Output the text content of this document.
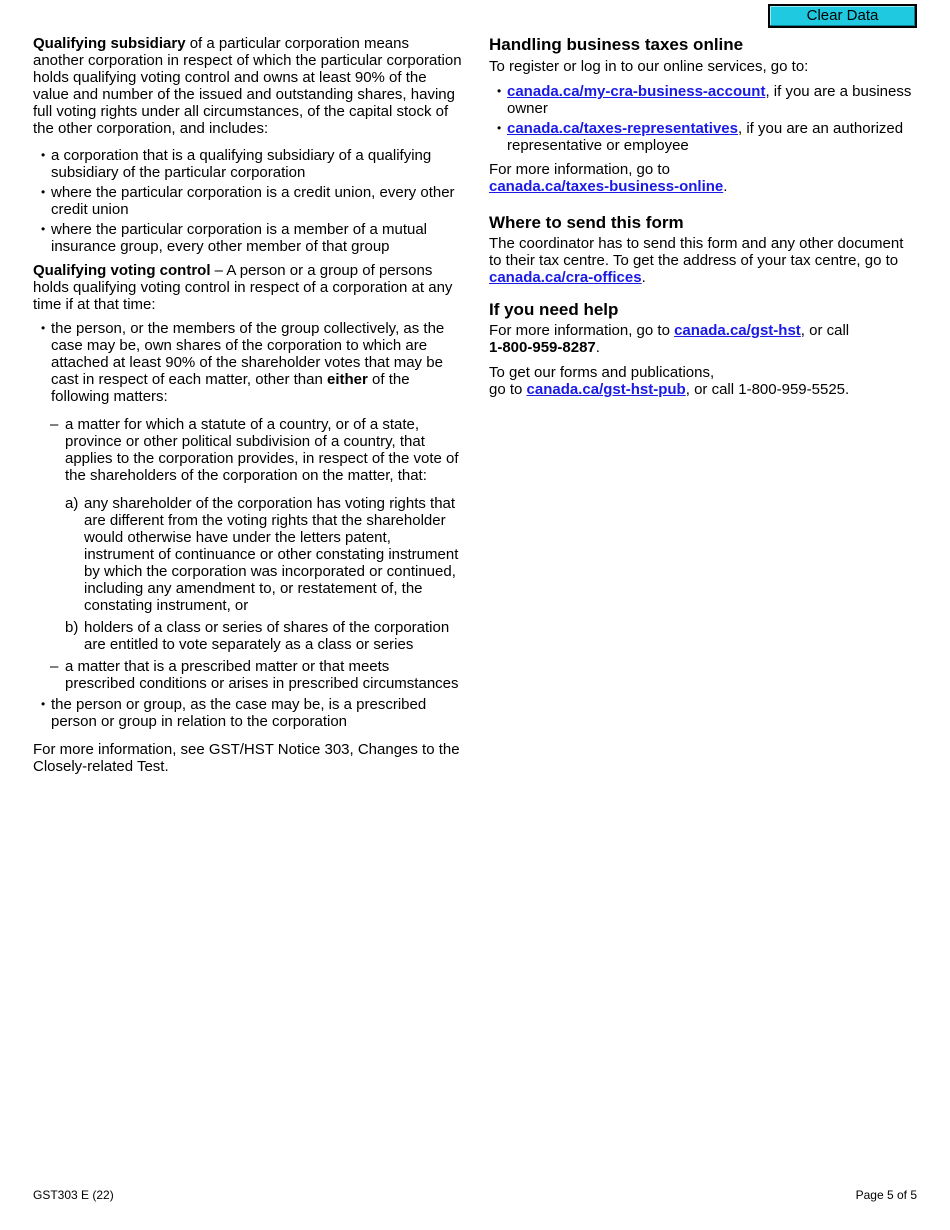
Clear Data

Qualifying subsidiary of a particular corporation means another corporation in respect of which the particular corporation holds qualifying voting control and owns at least 90% of the value and number of the issued and outstanding shares, having full voting rights under all circumstances, of the capital stock of the other corporation, and includes:

• a corporation that is a qualifying subsidiary of a qualifying subsidiary of the particular corporation
• where the particular corporation is a credit union, every other credit union
• where the particular corporation is a member of a mutual insurance group, every other member of that group

Qualifying voting control – A person or a group of persons holds qualifying voting control in respect of a corporation at any time if at that time:

• the person, or the members of the group collectively, as the case may be, own shares of the corporation to which are attached at least 90% of the shareholder votes that may be cast in respect of each matter, other than either of the following matters:
– a matter for which a statute of a country, or of a state, province or other political subdivision of a country, that applies to the corporation provides, in respect of the vote of the shareholders of the corporation on the matter, that:
a) any shareholder of the corporation has voting rights that are different from the voting rights that the shareholder would otherwise have under the letters patent, instrument of continuance or other constating instrument by which the corporation was incorporated or continued, including any amendment to, or restatement of, the constating instrument, or
b) holders of a class or series of shares of the corporation are entitled to vote separately as a class or series
– a matter that is a prescribed matter or that meets prescribed conditions or arises in prescribed circumstances
• the person or group, as the case may be, is a prescribed person or group in relation to the corporation

For more information, see GST/HST Notice 303, Changes to the Closely-related Test.

Handling business taxes online

To register or log in to our online services, go to:

• canada.ca/my-cra-business-account, if you are a business owner
• canada.ca/taxes-representatives, if you are an authorized representative or employee

For more information, go to
canada.ca/taxes-business-online.

Where to send this form

The coordinator has to send this form and any other document to their tax centre. To get the address of your tax centre, go to canada.ca/cra-offices.

If you need help

For more information, go to canada.ca/gst-hst, or call
1-800-959-8287.

To get our forms and publications,
go to canada.ca/gst-hst-pub, or call 1-800-959-5525.

GST303 E (22)	Page 5 of 5
